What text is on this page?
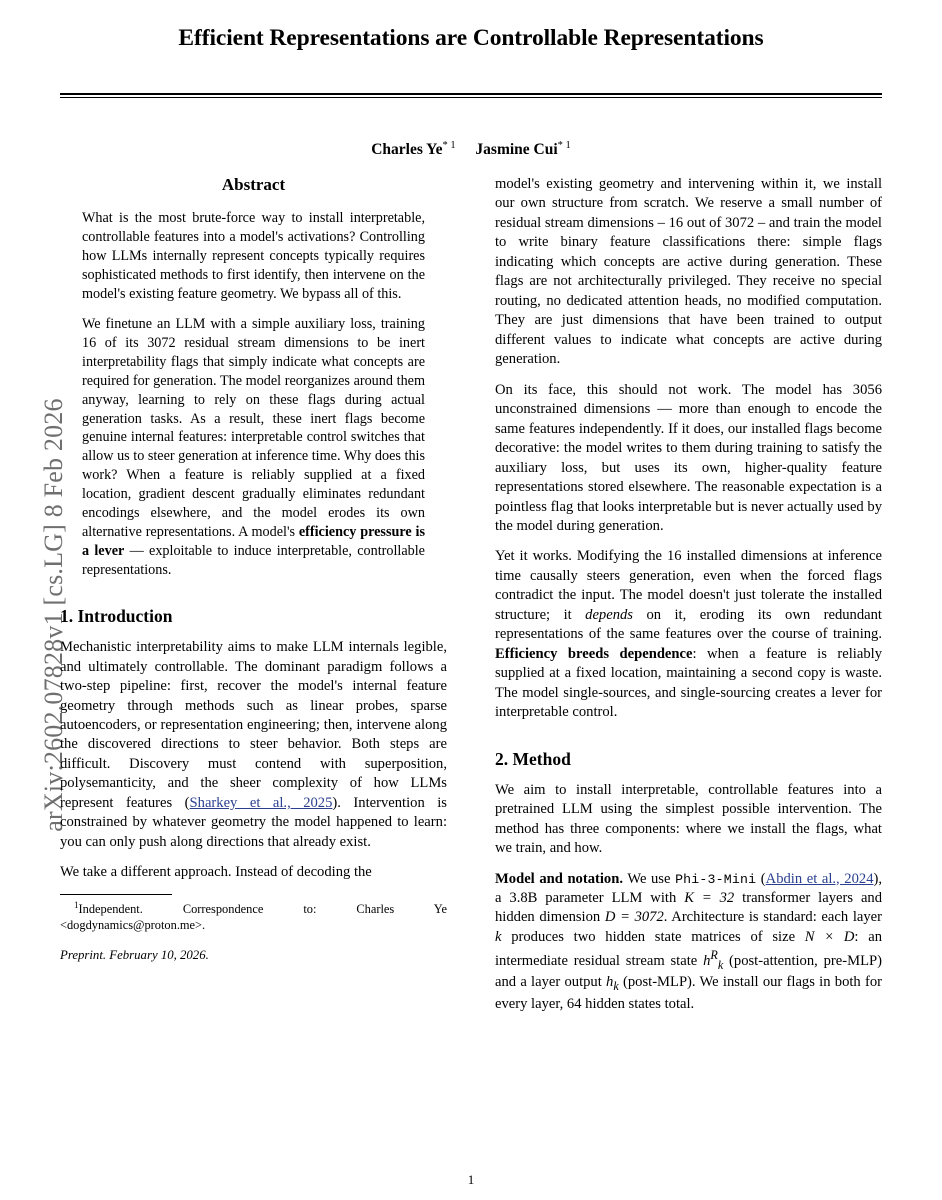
arXiv:2602.07828v1 [cs.LG] 8 Feb 2026
Efficient Representations are Controllable Representations
Charles Ye$^{* 1}$ Jasmine Cui$^{* 1}$
Abstract

What is the most brute-force way to install interpretable, controllable features into a model's activations? Controlling how LLMs internally represent concepts typically requires sophisticated methods to first identify, then intervene on the model's existing feature geometry. We bypass all of this.

We finetune an LLM with a simple auxiliary loss, training 16 of its 3072 residual stream dimensions to be inert interpretability flags that simply indicate what concepts are required for generation. The model reorganizes around them anyway, learning to rely on these flags during actual generation tasks. As a result, these inert flags become genuine internal features: interpretable control switches that allow us to steer generation at inference time. Why does this work? When a feature is reliably supplied at a fixed location, gradient descent gradually eliminates redundant encodings elsewhere, and the model erodes its own alternative representations. A model's efficiency pressure is a lever — exploitable to induce interpretable, controllable representations.

1. Introduction

Mechanistic interpretability aims to make LLM internals legible, and ultimately controllable. The dominant paradigm follows a two-step pipeline: first, recover the model's internal feature geometry through methods such as linear probes, sparse autoencoders, or representation engineering; then, intervene along the discovered directions to steer behavior. Both steps are difficult. Discovery must contend with superposition, polysemanticity, and the sheer complexity of how LLMs represent features (Sharkey et al., 2025). Intervention is constrained by whatever geometry the model happened to learn: you can only push along directions that already exist.

We take a different approach. Instead of decoding the

$^1$Independent. Correspondence to: Charles Ye <dogdynamics@proton.me>.

Preprint. February 10, 2026.

model's existing geometry and intervening within it, we install our own structure from scratch. We reserve a small number of residual stream dimensions – 16 out of 3072 – and train the model to write binary feature classifications there: simple flags indicating which concepts are active during generation. These flags are not architecturally privileged. They receive no special routing, no dedicated attention heads, no modified computation. They are just dimensions that have been trained to output different values to indicate what concepts are active during generation.

On its face, this should not work. The model has 3056 unconstrained dimensions — more than enough to encode the same features independently. If it does, our installed flags become decorative: the model writes to them during training to satisfy the auxiliary loss, but uses its own, higher-quality feature representations stored elsewhere. The reasonable expectation is a pointless flag that looks interpretable but is never actually used by the model during generation.

Yet it works. Modifying the 16 installed dimensions at inference time causally steers generation, even when the forced flags contradict the input. The model doesn't just tolerate the installed structure; it depends on it, eroding its own redundant representations of the same features over the course of training. Efficiency breeds dependence: when a feature is reliably supplied at a fixed location, maintaining a second copy is waste. The model single-sources, and single-sourcing creates a lever for interpretable control.

2. Method

We aim to install interpretable, controllable features into a pretrained LLM using the simplest possible intervention. The method has three components: where we install the flags, what we train, and how.

Model and notation. We use Phi-3-Mini (Abdin et al., 2024), a 3.8B parameter LLM with K = 32 transformer layers and hidden dimension D = 3072. Architecture is standard: each layer k produces two hidden state matrices of size N × D: an intermediate residual stream state $h^R_k$ (post-attention, pre-MLP) and a layer output $h_k$ (post-MLP). We install our flags in both for every layer, 64 hidden states total.

1
